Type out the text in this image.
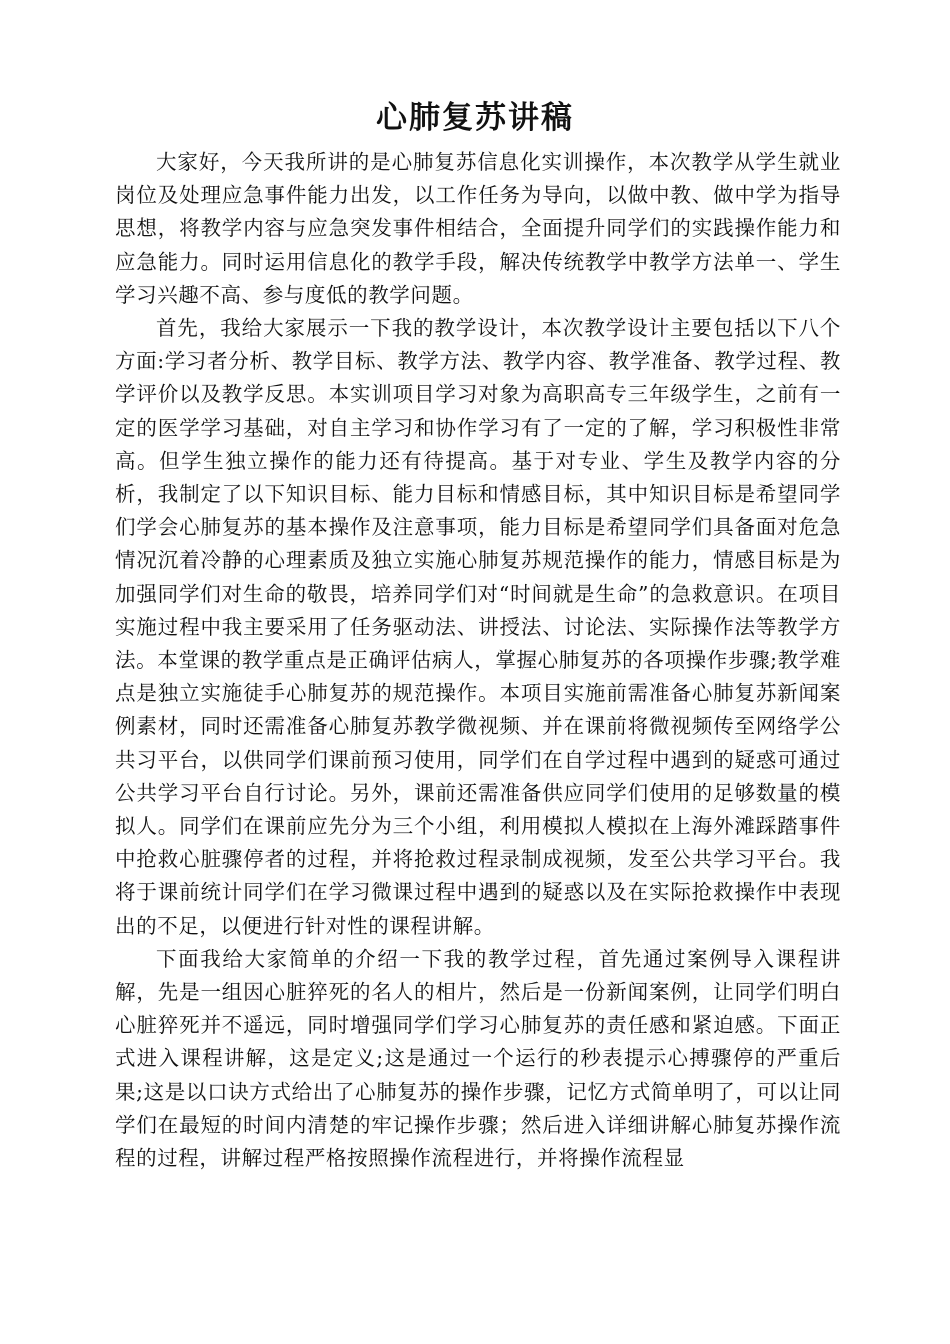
心肺复苏讲稿

大家好，今天我所讲的是心肺复苏信息化实训操作，本次教学从学生就业岗位及处理应急事件能力出发，以工作任务为导向，以做中教、做中学为指导思想，将教学内容与应急突发事件相结合，全面提升同学们的实践操作能力和应急能力。同时运用信息化的教学手段，解决传统教学中教学方法单一、学生学习兴趣不高、参与度低的教学问题。

首先，我给大家展示一下我的教学设计，本次教学设计主要包括以下八个方面:学习者分析、教学目标、教学方法、教学内容、教学准备、教学过程、教学评价以及教学反思。本实训项目学习对象为高职高专三年级学生，之前有一定的医学学习基础，对自主学习和协作学习有了一定的了解，学习积极性非常高。但学生独立操作的能力还有待提高。基于对专业、学生及教学内容的分析，我制定了以下知识目标、能力目标和情感目标，其中知识目标是希望同学们学会心肺复苏的基本操作及注意事项，能力目标是希望同学们具备面对危急情况沉着冷静的心理素质及独立实施心肺复苏规范操作的能力，情感目标是为加强同学们对生命的敬畏，培养同学们对“时间就是生命”的急救意识。在项目实施过程中我主要采用了任务驱动法、讲授法、讨论法、实际操作法等教学方法。本堂课的教学重点是正确评估病人，掌握心肺复苏的各项操作步骤;教学难点是独立实施徒手心肺复苏的规范操作。本项目实施前需准备心肺复苏新闻案例素材，同时还需准备心肺复苏教学微视频、并在课前将微视频传至网络学公共习平台，以供同学们课前预习使用，同学们在自学过程中遇到的疑惑可通过公共学习平台自行讨论。另外，课前还需准备供应同学们使用的足够数量的模拟人。同学们在课前应先分为三个小组，利用模拟人模拟在上海外滩踩踏事件中抢救心脏骤停者的过程，并将抢救过程录制成视频，发至公共学习平台。我将于课前统计同学们在学习微课过程中遇到的疑惑以及在实际抢救操作中表现出的不足，以便进行针对性的课程讲解。

下面我给大家简单的介绍一下我的教学过程，首先通过案例导入课程讲解，先是一组因心脏猝死的名人的相片，然后是一份新闻案例，让同学们明白心脏猝死并不遥远，同时增强同学们学习心肺复苏的责任感和紧迫感。下面正式进入课程讲解，这是定义;这是通过一个运行的秒表提示心搏骤停的严重后果;这是以口诀方式给出了心肺复苏的操作步骤，记忆方式简单明了，可以让同学们在最短的时间内清楚的牢记操作步骤；然后进入详细讲解心肺复苏操作流程的过程，讲解过程严格按照操作流程进行，并将操作流程显
